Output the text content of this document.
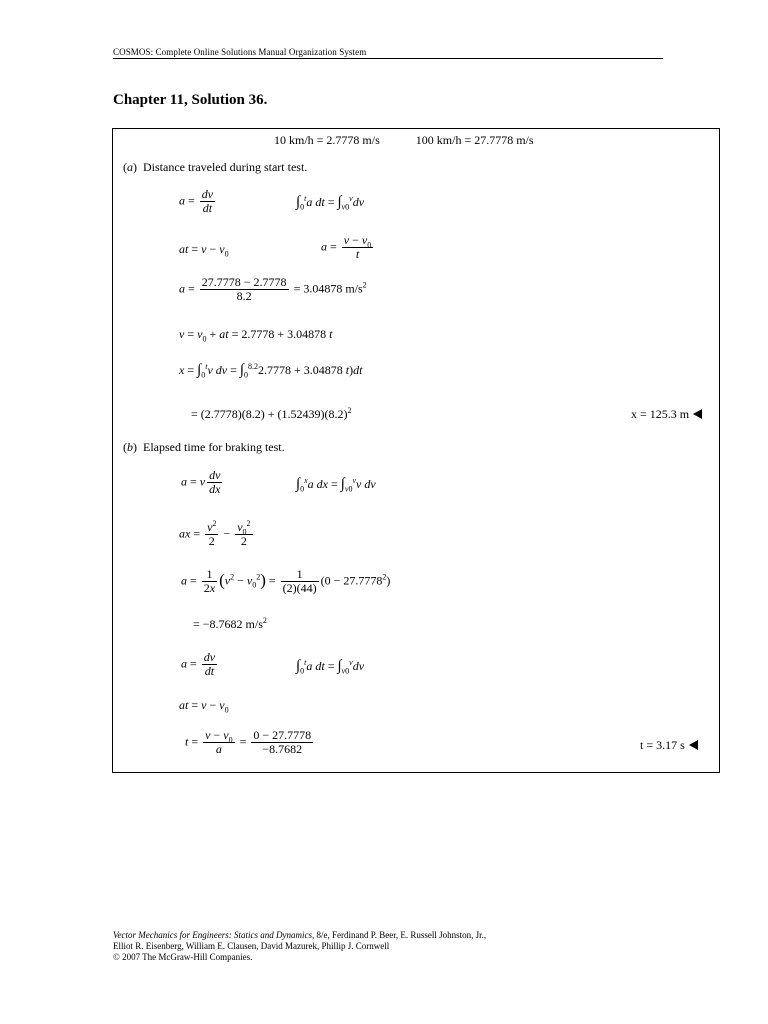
COSMOS: Complete Online Solutions Manual Organization System
Chapter 11, Solution 36.
10 km/h = 2.7778 m/s	100 km/h = 27.7778 m/s
(a)  Distance traveled during start test.
$a = \frac{dv}{dt}$	$\int_0^ta$ dt = $\int_{v0}^vdv$
at = $v - v_0$
$a = \frac{v - v_0}{t}$
$a = \frac{27.7778 - 2.7778}{8.2} = 3.04878$ $m/s^2$
$v = v_0$ + at = 2.7778 + 3.04878 t
$x = \int_0^tv$ dv = $\int_0^{8.2}2.7778 + 3.04878$ t)dt
= $(2.7778)(8.2) + (1.52439)(8.2)^2$	x = 125.3 m
(b)  Elapsed time for braking test.
a = v $\frac{dv}{dx}$	$\int_0^xa$ dx = $\int_{v0}^vv$ dv
ax = $\frac{v^2}{2} - \frac{v_0^2}{2}$
$a = \frac{1}{2x} (v^2 - v_0^2) = \frac{1}{(2)(44)} (0 - 27.7778^2)$
= −8.7682 $m/s^2$
$a = \frac{dv}{dt}$	$\int_0^ta$ dt = $\int_{v0}^vdv$
at = $v - v_0$
$t = \frac{v - v_0}{a} = \frac{0 - 27.7778}{-8.7682}$	t = 3.17 s
Vector Mechanics for Engineers: Statics and Dynamics, 8/e, Ferdinand P. Beer, E. Russell Johnston, Jr.,
Elliot R. Eisenberg, William E. Clausen, David Mazurek, Phillip J. Cornwell
© 2007 The McGraw-Hill Companies.
